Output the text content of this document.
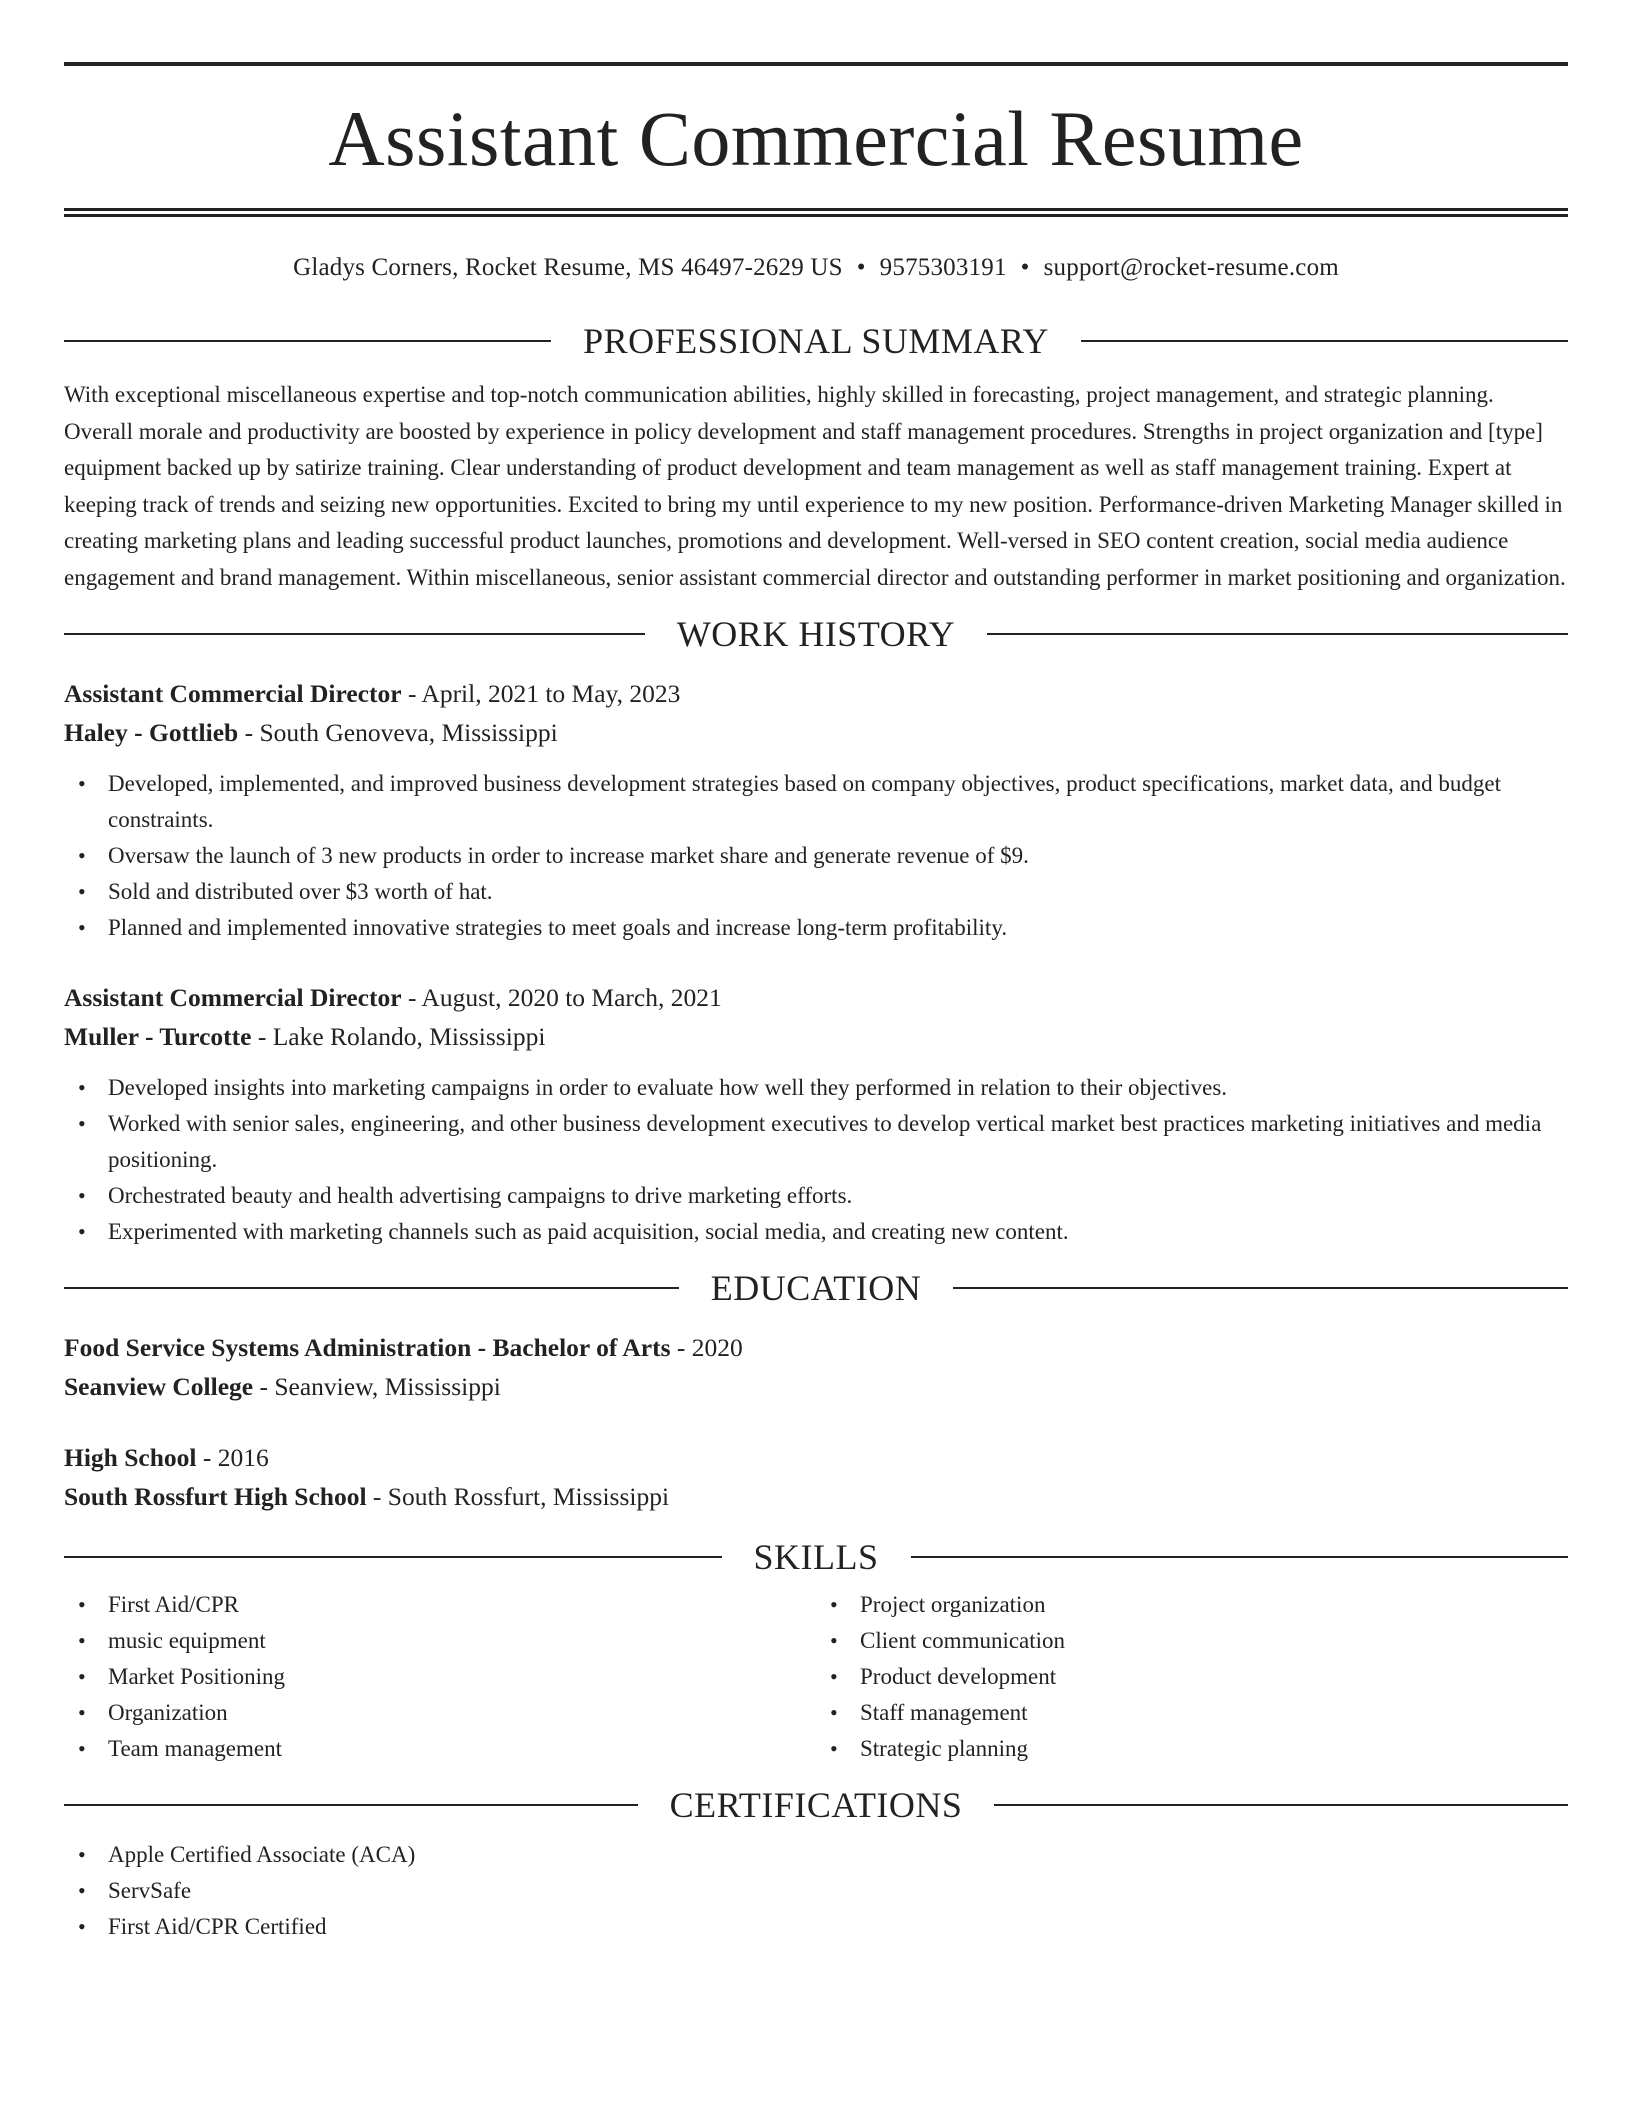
Assistant Commercial Resume
Gladys Corners, Rocket Resume, MS 46497-2629 US • 9575303191 • support@rocket-resume.com
PROFESSIONAL SUMMARY

With exceptional miscellaneous expertise and top-notch communication abilities, highly skilled in forecasting, project management, and strategic planning. Overall morale and productivity are boosted by experience in policy development and staff management procedures. Strengths in project organization and [type] equipment backed up by satirize training. Clear understanding of product development and team management as well as staff management training. Expert at keeping track of trends and seizing new opportunities. Excited to bring my until experience to my new position. Performance-driven Marketing Manager skilled in creating marketing plans and leading successful product launches, promotions and development. Well-versed in SEO content creation, social media audience engagement and brand management. Within miscellaneous, senior assistant commercial director and outstanding performer in market positioning and organization.

WORK HISTORY
Assistant Commercial Director - April, 2021 to May, 2023
Haley - Gottlieb - South Genoveva, Mississippi
• Developed, implemented, and improved business development strategies based on company objectives, product specifications, market data, and budget constraints.
• Oversaw the launch of 3 new products in order to increase market share and generate revenue of $9.
• Sold and distributed over $3 worth of hat.
• Planned and implemented innovative strategies to meet goals and increase long-term profitability.
Assistant Commercial Director - August, 2020 to March, 2021
Muller - Turcotte - Lake Rolando, Mississippi
• Developed insights into marketing campaigns in order to evaluate how well they performed in relation to their objectives.
• Worked with senior sales, engineering, and other business development executives to develop vertical market best practices marketing initiatives and media positioning.
• Orchestrated beauty and health advertising campaigns to drive marketing efforts.
• Experimented with marketing channels such as paid acquisition, social media, and creating new content.
EDUCATION
Food Service Systems Administration - Bachelor of Arts - 2020
Seanview College - Seanview, Mississippi
High School - 2016
South Rossfurt High School - South Rossfurt, Mississippi
SKILLS
• First Aid/CPR
• music equipment
• Market Positioning
• Organization
• Team management
• Project organization
• Client communication
• Product development
• Staff management
• Strategic planning
CERTIFICATIONS
• Apple Certified Associate (ACA)
• ServSafe
• First Aid/CPR Certified
